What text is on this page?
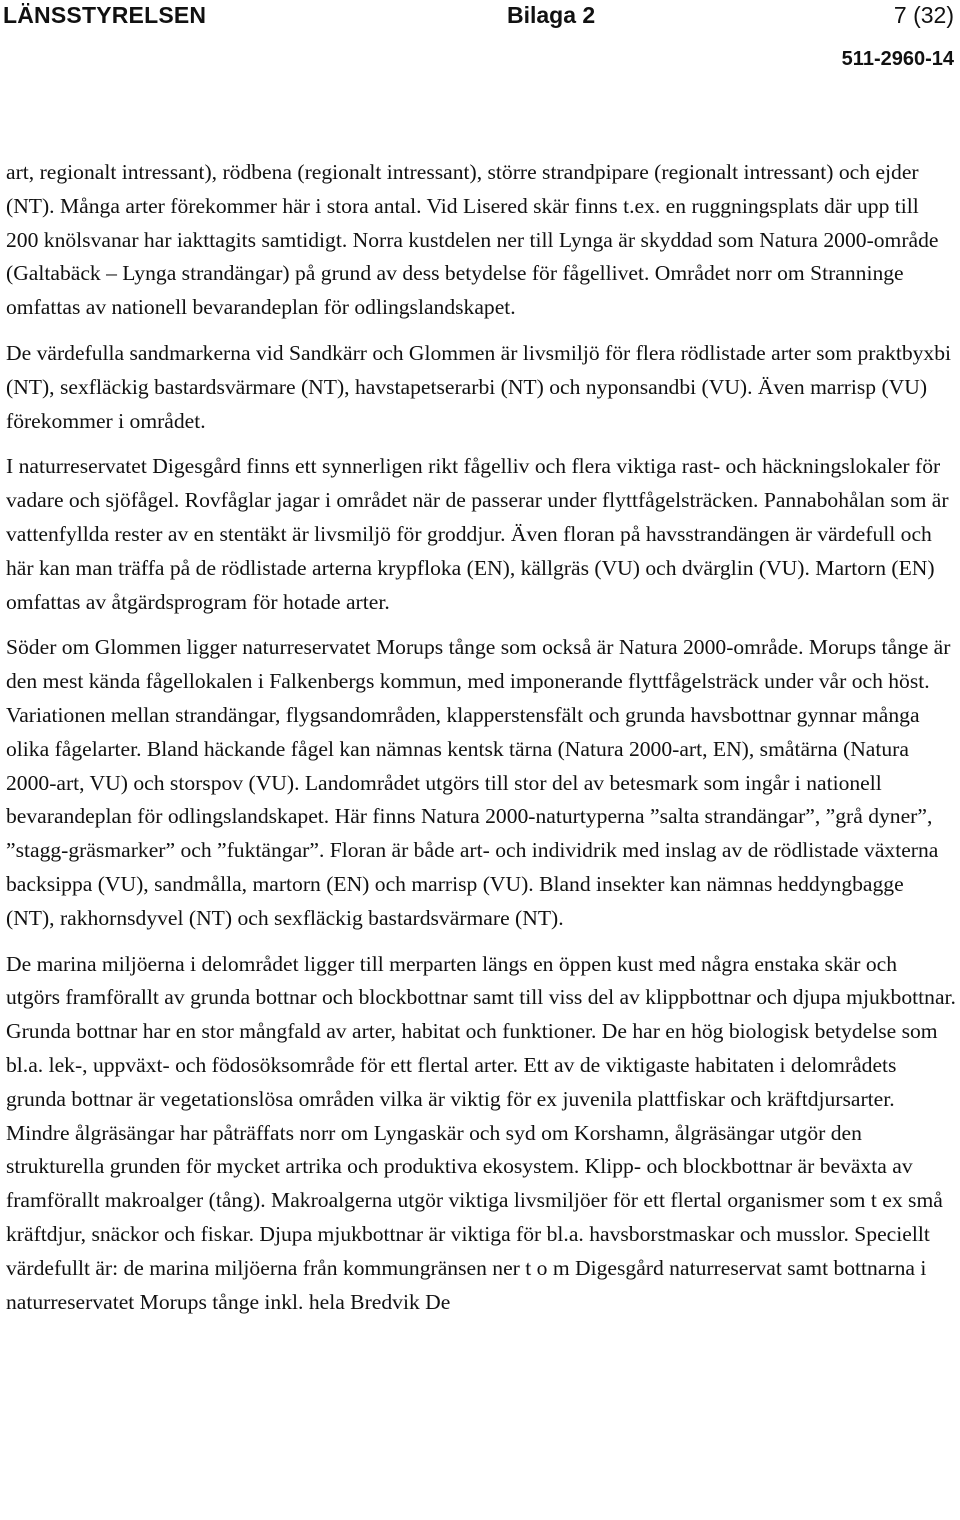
LÄNSSTYRELSEN	Bilaga 2	7 (32)
511-2960-14

art, regionalt intressant), rödbena (regionalt intressant), större strandpipare (regionalt intressant) och ejder (NT). Många arter förekommer här i stora antal. Vid Lisered skär finns t.ex. en ruggningsplats där upp till 200 knölsvanar har iakttagits samtidigt. Norra kustdelen ner till Lynga är skyddad som Natura 2000-område (Galtabäck – Lynga strandängar) på grund av dess betydelse för fågellivet. Området norr om Stranninge omfattas av nationell bevarandeplan för odlingslandskapet.

De värdefulla sandmarkerna vid Sandkärr och Glommen är livsmiljö för flera rödlistade arter som praktbyxbi (NT), sexfläckig bastardsvärmare (NT), havstapetserarbi (NT) och nyponsandbi (VU). Även marrisp (VU) förekommer i området.

I naturreservatet Digesgård finns ett synnerligen rikt fågelliv och flera viktiga rast- och häckningslokaler för vadare och sjöfågel. Rovfåglar jagar i området när de passerar under flyttfågelsträcken. Pannabohålan som är vattenfyllda rester av en stentäkt är livsmiljö för groddjur. Även floran på havsstrandängen är värdefull och här kan man träffa på de rödlistade arterna krypfloka (EN), källgräs (VU) och dvärglin (VU). Martorn (EN) omfattas av åtgärdsprogram för hotade arter.

Söder om Glommen ligger naturreservatet Morups tånge som också är Natura 2000-område. Morups tånge är den mest kända fågellokalen i Falkenbergs kommun, med imponerande flyttfågelsträck under vår och höst. Variationen mellan strandängar, flygsandområden, klapperstensfält och grunda havsbottnar gynnar många olika fågelarter. Bland häckande fågel kan nämnas kentsk tärna (Natura 2000-art, EN), småtärna (Natura 2000-art, VU) och storspov (VU). Landområdet utgörs till stor del av betesmark som ingår i nationell bevarandeplan för odlingslandskapet. Här finns Natura 2000-naturtyperna ”salta strandängar”, ”grå dyner”, ”stagg-gräsmarker” och ”fuktängar”. Floran är både art- och individrik med inslag av de rödlistade växterna backsippa (VU), sandmålla, martorn (EN) och marrisp (VU). Bland insekter kan nämnas heddyngbagge (NT), rakhornsdyvel (NT) och sexfläckig bastardsvärmare (NT).

De marina miljöerna i delområdet ligger till merparten längs en öppen kust med några enstaka skär och utgörs framförallt av grunda bottnar och blockbottnar samt till viss del av klippbottnar och djupa mjukbottnar. Grunda bottnar har en stor mångfald av arter, habitat och funktioner. De har en hög biologisk betydelse som bl.a. lek-, uppväxt- och födosöksområde för ett flertal arter. Ett av de viktigaste habitaten i delområdets grunda bottnar är vegetationslösa områden vilka är viktig för ex juvenila plattfiskar och kräftdjursarter. Mindre ålgräsängar har påträffats norr om Lyngaskär och syd om Korshamn, ålgräsängar utgör den strukturella grunden för mycket artrika och produktiva ekosystem. Klipp- och blockbottnar är beväxta av framförallt makroalger (tång). Makroalgerna utgör viktiga livsmiljöer för ett flertal organismer som t ex små kräftdjur, snäckor och fiskar. Djupa mjukbottnar är viktiga för bl.a. havsborstmaskar och musslor. Speciellt värdefullt är: de marina miljöerna från kommungränsen ner t o m Digesgård naturreservat samt bottnarna i naturreservatet Morups tånge inkl. hela Bredvik De
